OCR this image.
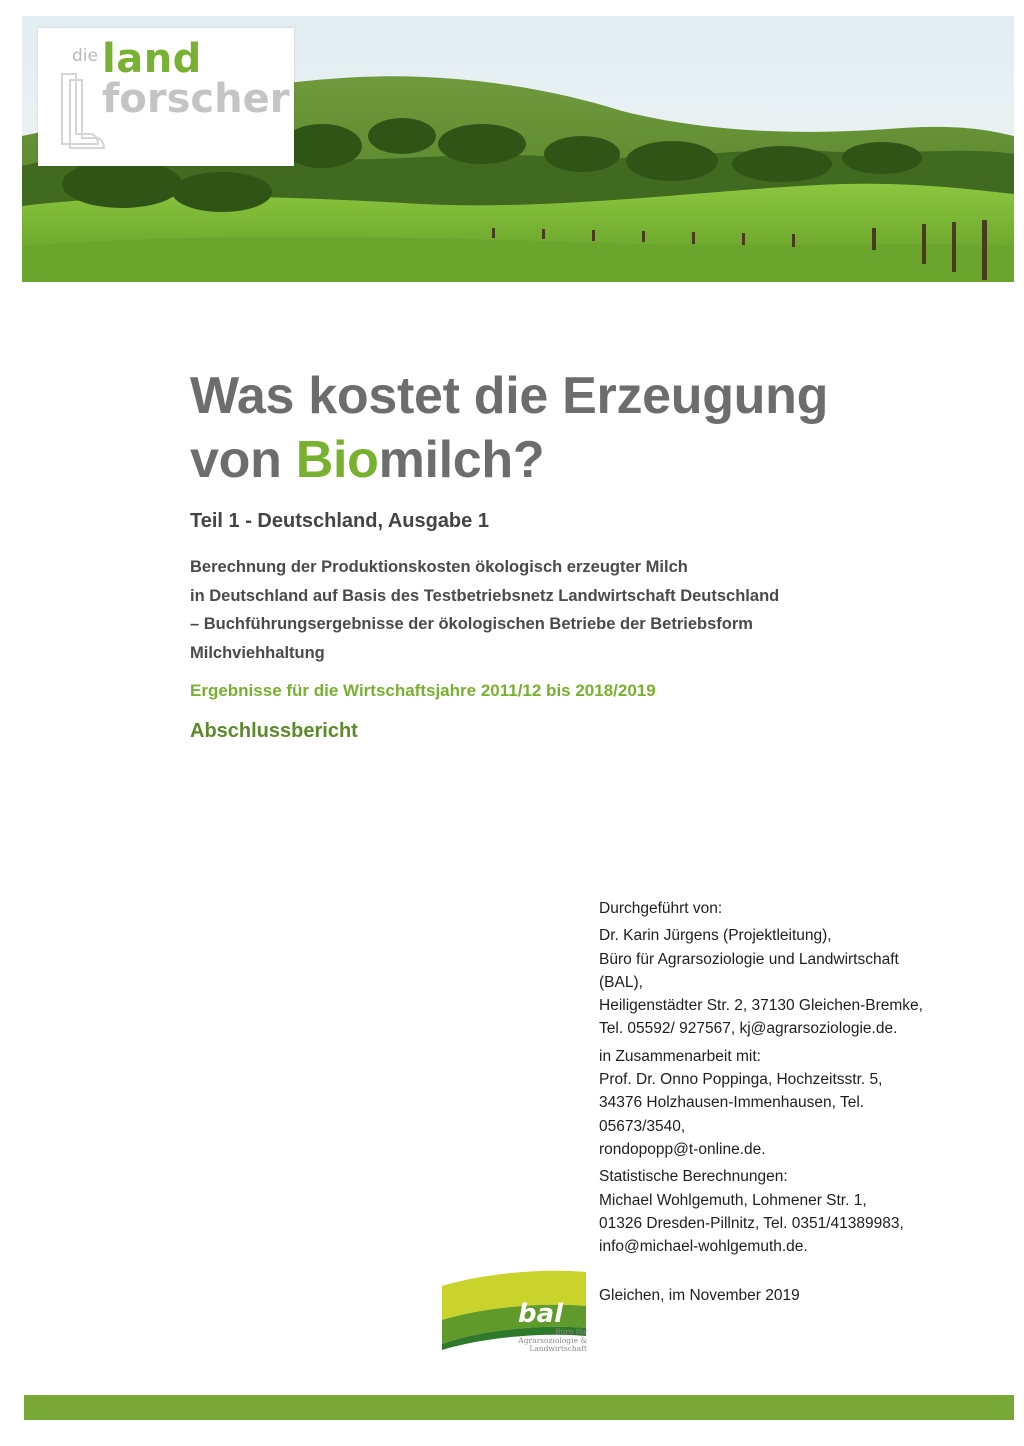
die land
forscher
Was kostet die Erzeugung
von Biomilch?
Teil 1 - Deutschland, Ausgabe 1
Berechnung der Produktionskosten ökologisch erzeugter Milch
in Deutschland auf Basis des Testbetriebsnetz Landwirtschaft Deutschland
– Buchführungsergebnisse der ökologischen Betriebe der Betriebsform
Milchviehhaltung
Ergebnisse für die Wirtschaftsjahre 2011/12 bis 2018/2019
Abschlussbericht
Durchgeführt von:
Dr. Karin Jürgens (Projektleitung),
Büro für Agrarsoziologie und Landwirtschaft
(BAL),
Heiligenstädter Str. 2, 37130 Gleichen-Bremke,
Tel. 05592/ 927567, kj@agrarsoziologie.de.
in Zusammenarbeit mit:
Prof. Dr. Onno Poppinga, Hochzeitsstr. 5,
34376 Holzhausen-Immenhausen, Tel.
05673/3540,
rondopopp@t-online.de.
Statistische Berechnungen:
Michael Wohlgemuth, Lohmener Str. 1,
01326 Dresden-Pillnitz, Tel. 0351/41389983,
info@michael-wohlgemuth.de.
Gleichen, im November 2019
bal
Büro für
Agrarsoziologie &
Landwirtschaft
